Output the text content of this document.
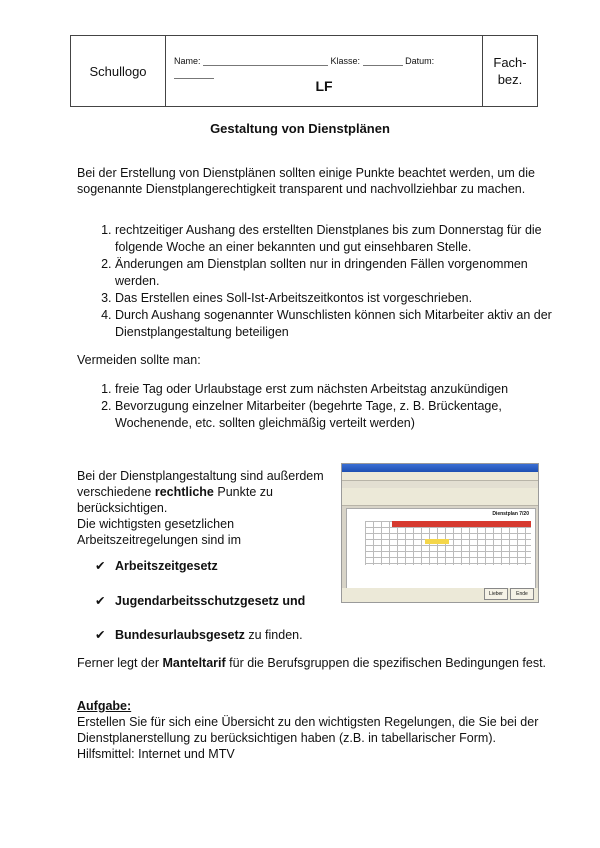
Schullogo
Name:	Klasse:	Datum:
LF
Fach-
bez.
Gestaltung von Dienstplänen

Bei der Erstellung von Dienstplänen sollten einige Punkte beachtet werden, um die sogenannte Dienstplangerechtigkeit transparent und nachvollziehbar zu machen.

1. rechtzeitiger Aushang des erstellten Dienstplanes bis zum Donnerstag für die folgende Woche an einer bekannten und gut einsehbaren Stelle.
2. Änderungen am Dienstplan sollten nur in dringenden Fällen vorgenommen werden.
3. Das Erstellen eines Soll-Ist-Arbeitszeitkontos ist vorgeschrieben.
4. Durch Aushang sogenannter Wunschlisten können sich Mitarbeiter aktiv an der Dienstplangestaltung beteiligen

Vermeiden sollte man:

1. freie Tag oder Urlaubstage erst zum nächsten Arbeitstag anzukündigen
2. Bevorzugung einzelner Mitarbeiter (begehrte Tage, z. B. Brückentage, Wochenende, etc. sollten gleichmäßig verteilt werden)

Bei der Dienstplangestaltung sind außerdem verschiedene rechtliche Punkte zu berücksichtigen.
Die wichtigsten gesetzlichen Arbeitszeitregelungen sind im

✔ Arbeitszeitgesetz
✔ Jugendarbeitsschutzgesetz und
✔ Bundesurlaubsgesetz zu finden.
Dienstplan 7/20
Lieber	Ende

Ferner legt der Manteltarif für die Berufsgruppen die spezifischen Bedingungen fest.

Aufgabe:
Erstellen Sie für sich eine Übersicht zu den wichtigsten Regelungen, die Sie bei der Dienstplanerstellung zu berücksichtigen haben (z.B. in tabellarischer Form).
Hilfsmittel: Internet und MTV
